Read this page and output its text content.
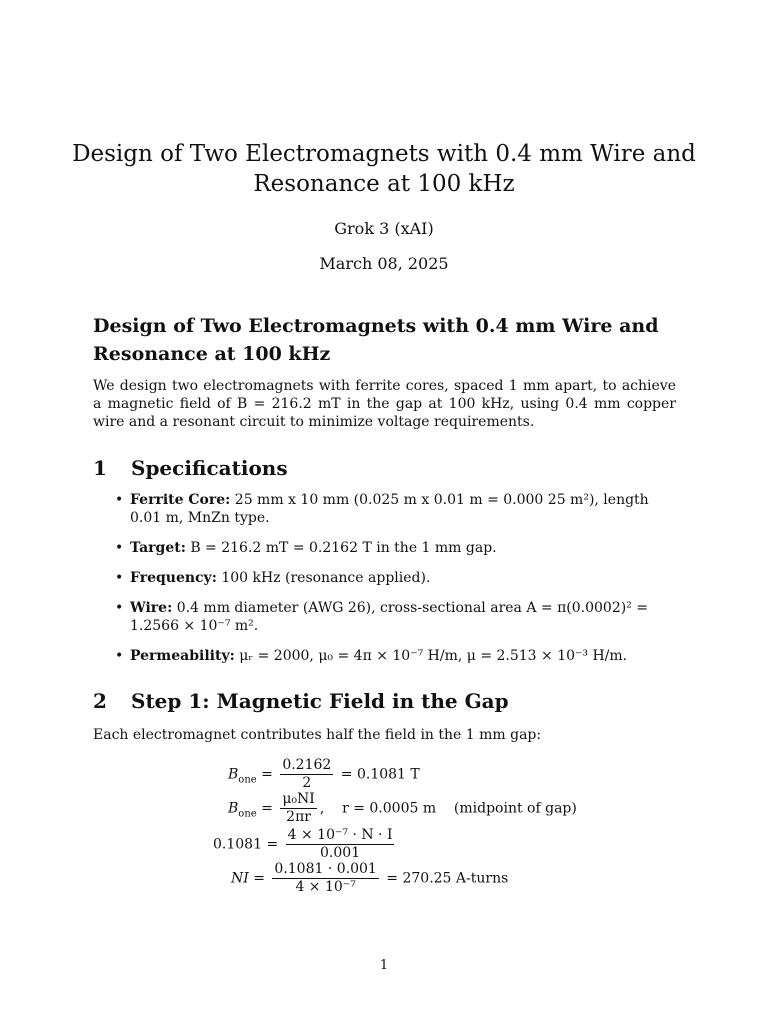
Design of Two Electromagnets with 0.4 mm Wire and Resonance at 100 kHz
Grok 3 (xAI)
March 08, 2025
Design of Two Electromagnets with 0.4 mm Wire and Resonance at 100 kHz
We design two electromagnets with ferrite cores, spaced 1 mm apart, to achieve a magnetic field of B = 216.2 mT in the gap at 100 kHz, using 0.4 mm copper wire and a resonant circuit to minimize voltage requirements.
1 Specifications
• Ferrite Core: 25 mm x 10 mm (0.025 m x 0.01 m = 0.000 25 m²), length 0.01 m, MnZn type.
• Target: B = 216.2 mT = 0.2162 T in the 1 mm gap.
• Frequency: 100 kHz (resonance applied).
• Wire: 0.4 mm diameter (AWG 26), cross-sectional area A = π(0.0002)² = 1.2566 × 10⁻⁷ m².
• Permeability: μᵣ = 2000, μ₀ = 4π × 10⁻⁷ H/m, μ = 2.513 × 10⁻³ H/m.
2 Step 1: Magnetic Field in the Gap
Each electromagnet contributes half the field in the 1 mm gap:
$B_{one} = \frac{0.2162}{2} = 0.1081$ T
$B_{one} = \frac{\text{μ₀NI}}{2\pi r}$ ,    r = 0.0005 m    (midpoint of gap)
$0.1081 = \frac{\text{4 × 10⁻⁷ · N · I}}{0.001}$
NI = $\frac{0.1081 \cdot 0.001}{\text{4 × 10⁻⁷}} = 270.25$ A-turns
1
